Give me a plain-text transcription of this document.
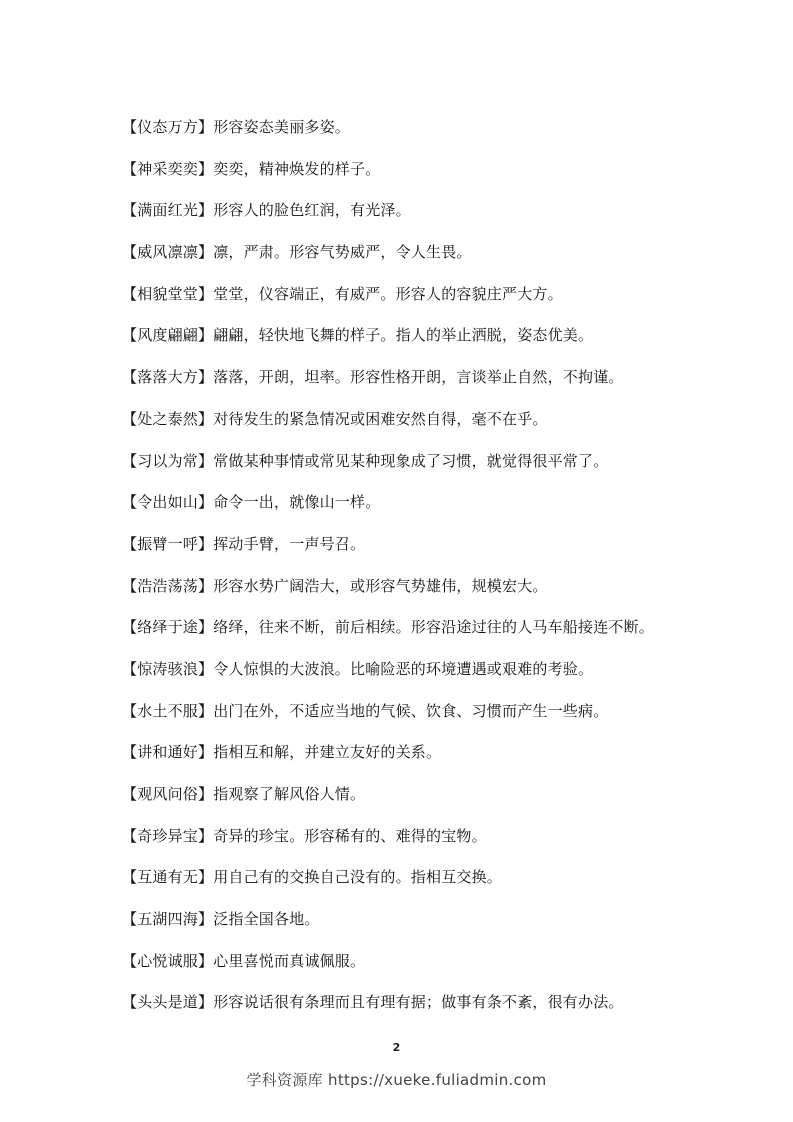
【仪态万方】形容姿态美丽多姿。
【神采奕奕】奕奕，精神焕发的样子。
【满面红光】形容人的脸色红润，有光泽。
【威风凛凛】凛，严肃。形容气势威严，令人生畏。
【相貌堂堂】堂堂，仪容端正，有威严。形容人的容貌庄严大方。
【风度翩翩】翩翩，轻快地飞舞的样子。指人的举止洒脱，姿态优美。
【落落大方】落落，开朗，坦率。形容性格开朗，言谈举止自然，不拘谨。
【处之泰然】对待发生的紧急情况或困难安然自得，毫不在乎。
【习以为常】常做某种事情或常见某种现象成了习惯，就觉得很平常了。
【令出如山】命令一出，就像山一样。
【振臂一呼】挥动手臂，一声号召。
【浩浩荡荡】形容水势广阔浩大，或形容气势雄伟，规模宏大。
【络绎于途】络绎，往来不断，前后相续。形容沿途过往的人马车船接连不断。
【惊涛骇浪】令人惊惧的大波浪。比喻险恶的环境遭遇或艰难的考验。
【水土不服】出门在外，不适应当地的气候、饮食、习惯而产生一些病。
【讲和通好】指相互和解，并建立友好的关系。
【观风问俗】指观察了解风俗人情。
【奇珍异宝】奇异的珍宝。形容稀有的、难得的宝物。
【互通有无】用自己有的交换自己没有的。指相互交换。
【五湖四海】泛指全国各地。
【心悦诚服】心里喜悦而真诚佩服。
【头头是道】形容说话很有条理而且有理有据；做事有条不紊，很有办法。
2
学科资源库 https://xueke.fuliadmin.com
